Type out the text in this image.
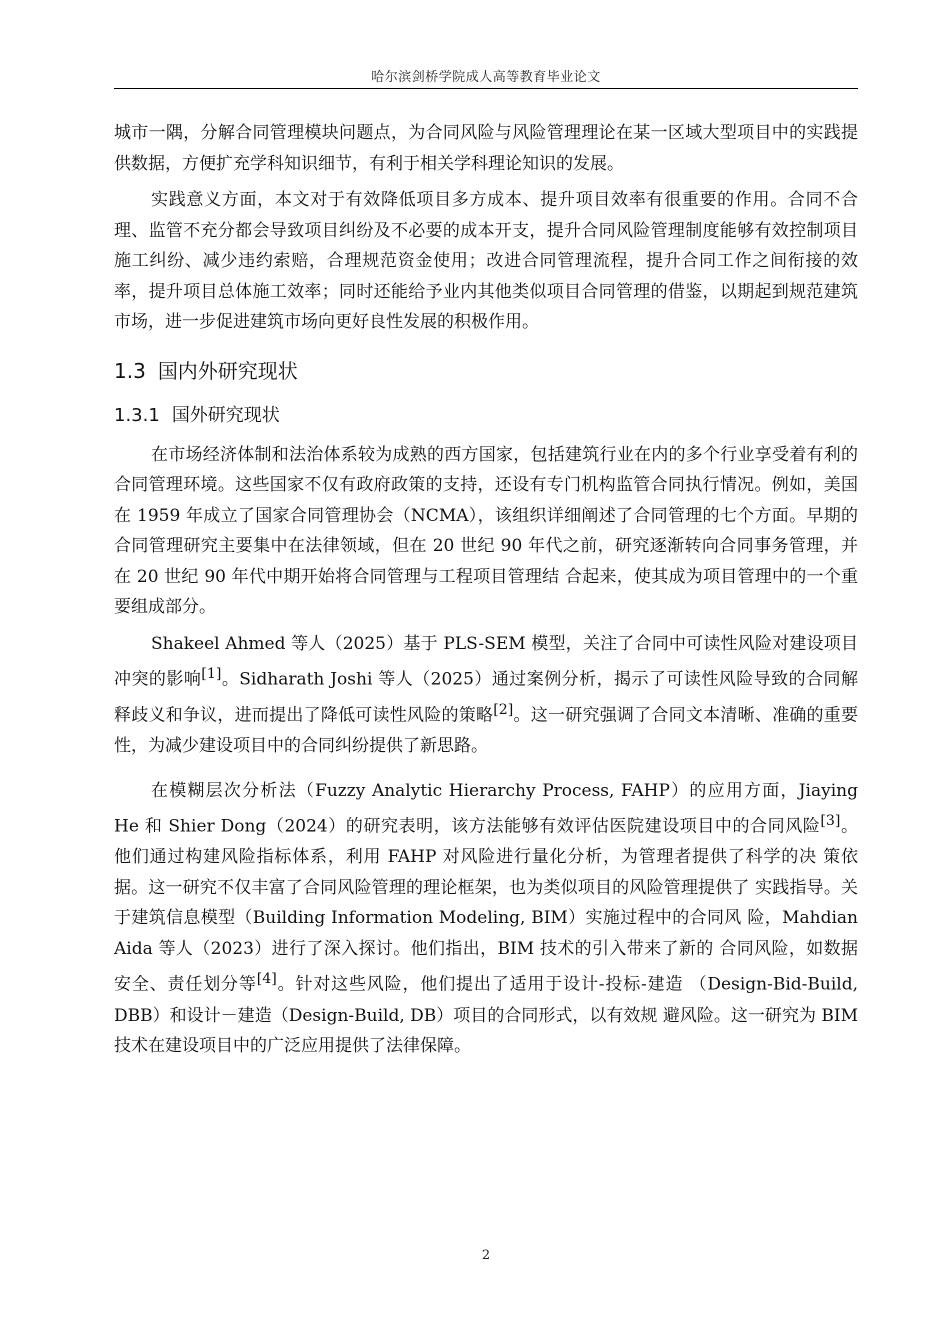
哈尔滨剑桥学院成人高等教育毕业论文

城市一隅，分解合同管理模块问题点，为合同风险与风险管理理论在某一区域大型项目中的实践提供数据，方便扩充学科知识细节，有利于相关学科理论知识的发展。

实践意义方面，本文对于有效降低项目多方成本、提升项目效率有很重要的作用。合同不合理、监管不充分都会导致项目纠纷及不必要的成本开支，提升合同风险管理制度能够有效控制项目施工纠纷、减少违约索赔，合理规范资金使用；改进合同管理流程，提升合同工作之间衔接的效率，提升项目总体施工效率；同时还能给予业内其他类似项目合同管理的借鉴，以期起到规范建筑市场，进一步促进建筑市场向更好良性发展的积极作用。

1.3 国内外研究现状
1.3.1 国外研究现状

在市场经济体制和法治体系较为成熟的西方国家，包括建筑行业在内的多个行业享受着有利的合同管理环境。这些国家不仅有政府政策的支持，还设有专门机构监管合同执行情况。例如，美国在 1959 年成立了国家合同管理协会（NCMA），该组织详细阐述了合同管理的七个方面。早期的合同管理研究主要集中在法律领域，但在 20 世纪 90 年代之前，研究逐渐转向合同事务管理，并在 20 世纪 90 年代中期开始将合同管理与工程项目管理结 合起来，使其成为项目管理中的一个重要组成部分。

Shakeel Ahmed 等人（2025）基于 PLS-SEM 模型，关注了合同中可读性风险对建设项目冲突的影响[1]。Sidharath Joshi 等人（2025）通过案例分析，揭示了可读性风险导致的合同解释歧义和争议，进而提出了降低可读性风险的策略[2]。这一研究强调了合同文本清晰、准确的重要性，为减少建设项目中的合同纠纷提供了新思路。

在模糊层次分析法（Fuzzy Analytic Hierarchy Process, FAHP）的应用方面，Jiaying He 和 Shier Dong（2024）的研究表明，该方法能够有效评估医院建设项目中的合同风险[3]。 他们通过构建风险指标体系，利用 FAHP 对风险进行量化分析，为管理者提供了科学的决 策依据。这一研究不仅丰富了合同风险管理的理论框架，也为类似项目的风险管理提供了 实践指导。关于建筑信息模型（Building Information Modeling, BIM）实施过程中的合同风 险，Mahdian Aida 等人（2023）进行了深入探讨。他们指出，BIM 技术的引入带来了新的 合同风险，如数据安全、责任划分等[4]。针对这些风险，他们提出了适用于设计-投标-建造 （Design-Bid-Build, DBB）和设计－建造（Design-Build, DB）项目的合同形式，以有效规 避风险。这一研究为 BIM 技术在建设项目中的广泛应用提供了法律保障。

2
